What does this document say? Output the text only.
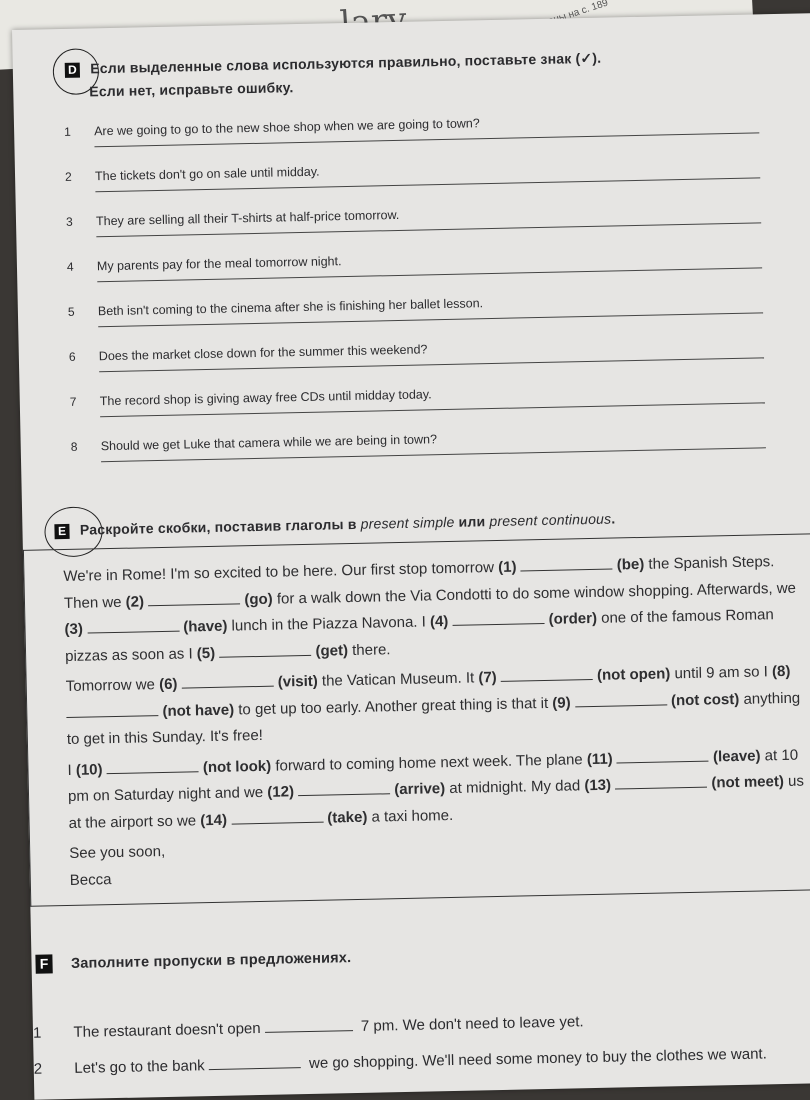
D Если выделенные слова используются правильно, поставьте знак (✓).
Если нет, исправьте ошибку.
1 Are we going to go to the new shoe shop when we are going to town?
2 The tickets don't go on sale until midday.
3 They are selling all their T-shirts at half-price tomorrow.
4 My parents pay for the meal tomorrow night.
5 Beth isn't coming to the cinema after she is finishing her ballet lesson.
6 Does the market close down for the summer this weekend?
7 The record shop is giving away free CDs until midday today.
8 Should we get Luke that camera while we are being in town?
E Раскройте скобки, поставив глаголы в present simple или present continuous.

We're in Rome! I'm so excited to be here. Our first stop tomorrow (1)	(be) the Spanish Steps. Then we (2)	(go) for a walk down the Via Condotti to do some window shopping. Afterwards, we (3)	(have) lunch in the Piazza Navona. I (4)	(order) one of the famous Roman pizzas as soon as I (5)	(get) there.

Tomorrow we (6)	(visit) the Vatican Museum. It (7)	(not open) until 9 am so I (8)  (not have) to get up too early. Another great thing is that it (9)	(not cost) anything to get in this Sunday. It's free!

I (10)	(not look) forward to coming home next week. The plane (11)	(leave) at 10 pm on Saturday night and we (12)	(arrive) at midnight. My dad (13)	(not meet) us at the airport so we (14)	(take) a taxi home.

See you soon,

Becca

F Заполните пропуски в предложениях.
1 The restaurant doesn't open	7 pm. We don't need to leave yet.
2 Let's go to the bank	we go shopping. We'll need some money to buy the clothes we want.
